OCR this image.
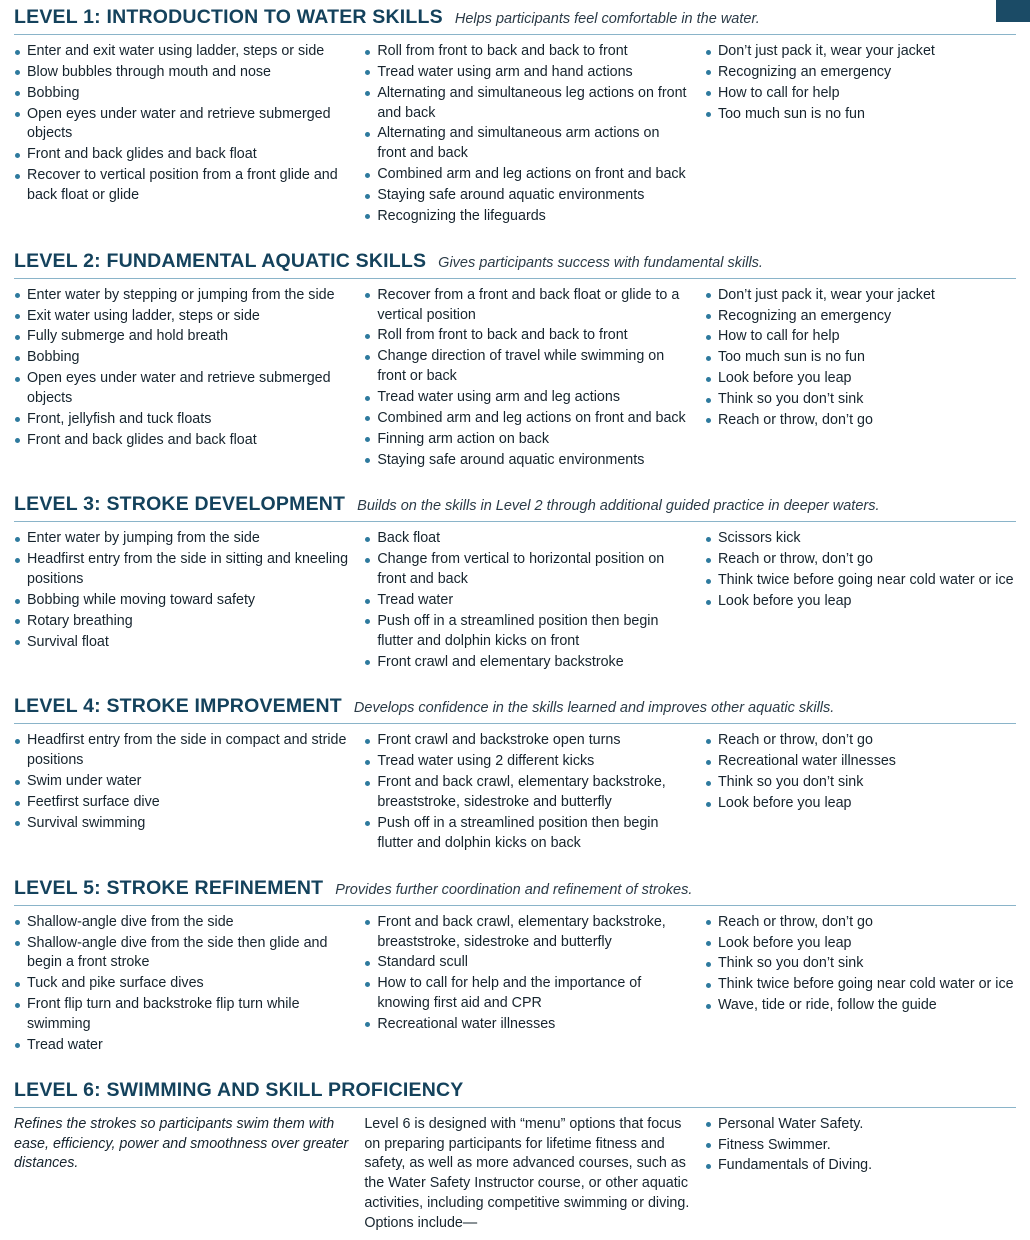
LEVEL 1: INTRODUCTION TO WATER SKILLS Helps participants feel comfortable in the water.
Enter and exit water using ladder, steps or side
Blow bubbles through mouth and nose
Bobbing
Open eyes under water and retrieve submerged objects
Front and back glides and back float
Recover to vertical position from a front glide and back float or glide
Roll from front to back and back to front
Tread water using arm and hand actions
Alternating and simultaneous leg actions on front and back
Alternating and simultaneous arm actions on front and back
Combined arm and leg actions on front and back
Staying safe around aquatic environments
Recognizing the lifeguards
Don’t just pack it, wear your jacket
Recognizing an emergency
How to call for help
Too much sun is no fun
LEVEL 2: FUNDAMENTAL AQUATIC SKILLS Gives participants success with fundamental skills.
Enter water by stepping or jumping from the side
Exit water using ladder, steps or side
Fully submerge and hold breath
Bobbing
Open eyes under water and retrieve submerged objects
Front, jellyfish and tuck floats
Front and back glides and back float
Recover from a front and back float or glide to a vertical position
Roll from front to back and back to front
Change direction of travel while swimming on front or back
Tread water using arm and leg actions
Combined arm and leg actions on front and back
Finning arm action on back
Staying safe around aquatic environments
Don’t just pack it, wear your jacket
Recognizing an emergency
How to call for help
Too much sun is no fun
Look before you leap
Think so you don’t sink
Reach or throw, don’t go
LEVEL 3: STROKE DEVELOPMENT Builds on the skills in Level 2 through additional guided practice in deeper waters.
Enter water by jumping from the side
Headfirst entry from the side in sitting and kneeling positions
Bobbing while moving toward safety
Rotary breathing
Survival float
Back float
Change from vertical to horizontal position on front and back
Tread water
Push off in a streamlined position then begin flutter and dolphin kicks on front
Front crawl and elementary backstroke
Scissors kick
Reach or throw, don’t go
Think twice before going near cold water or ice
Look before you leap
LEVEL 4: STROKE IMPROVEMENT Develops confidence in the skills learned and improves other aquatic skills.
Headfirst entry from the side in compact and stride positions
Swim under water
Feetfirst surface dive
Survival swimming
Front crawl and backstroke open turns
Tread water using 2 different kicks
Front and back crawl, elementary backstroke, breaststroke, sidestroke and butterfly
Push off in a streamlined position then begin flutter and dolphin kicks on back
Reach or throw, don’t go
Recreational water illnesses
Think so you don’t sink
Look before you leap
LEVEL 5: STROKE REFINEMENT Provides further coordination and refinement of strokes.
Shallow-angle dive from the side
Shallow-angle dive from the side then glide and begin a front stroke
Tuck and pike surface dives
Front flip turn and backstroke flip turn while swimming
Tread water
Front and back crawl, elementary backstroke, breaststroke, sidestroke and butterfly
Standard scull
How to call for help and the importance of knowing first aid and CPR
Recreational water illnesses
Reach or throw, don’t go
Look before you leap
Think so you don’t sink
Think twice before going near cold water or ice
Wave, tide or ride, follow the guide
LEVEL 6: SWIMMING AND SKILL PROFICIENCY

Refines the strokes so participants swim them with ease, efficiency, power and smoothness over greater distances.

Level 6 is designed with “menu” options that focus on preparing participants for lifetime fitness and safety, as well as more advanced courses, such as the Water Safety Instructor course, or other aquatic activities, including competitive swimming or diving. Options include—

Personal Water Safety.
Fitness Swimmer.
Fundamentals of Diving.
